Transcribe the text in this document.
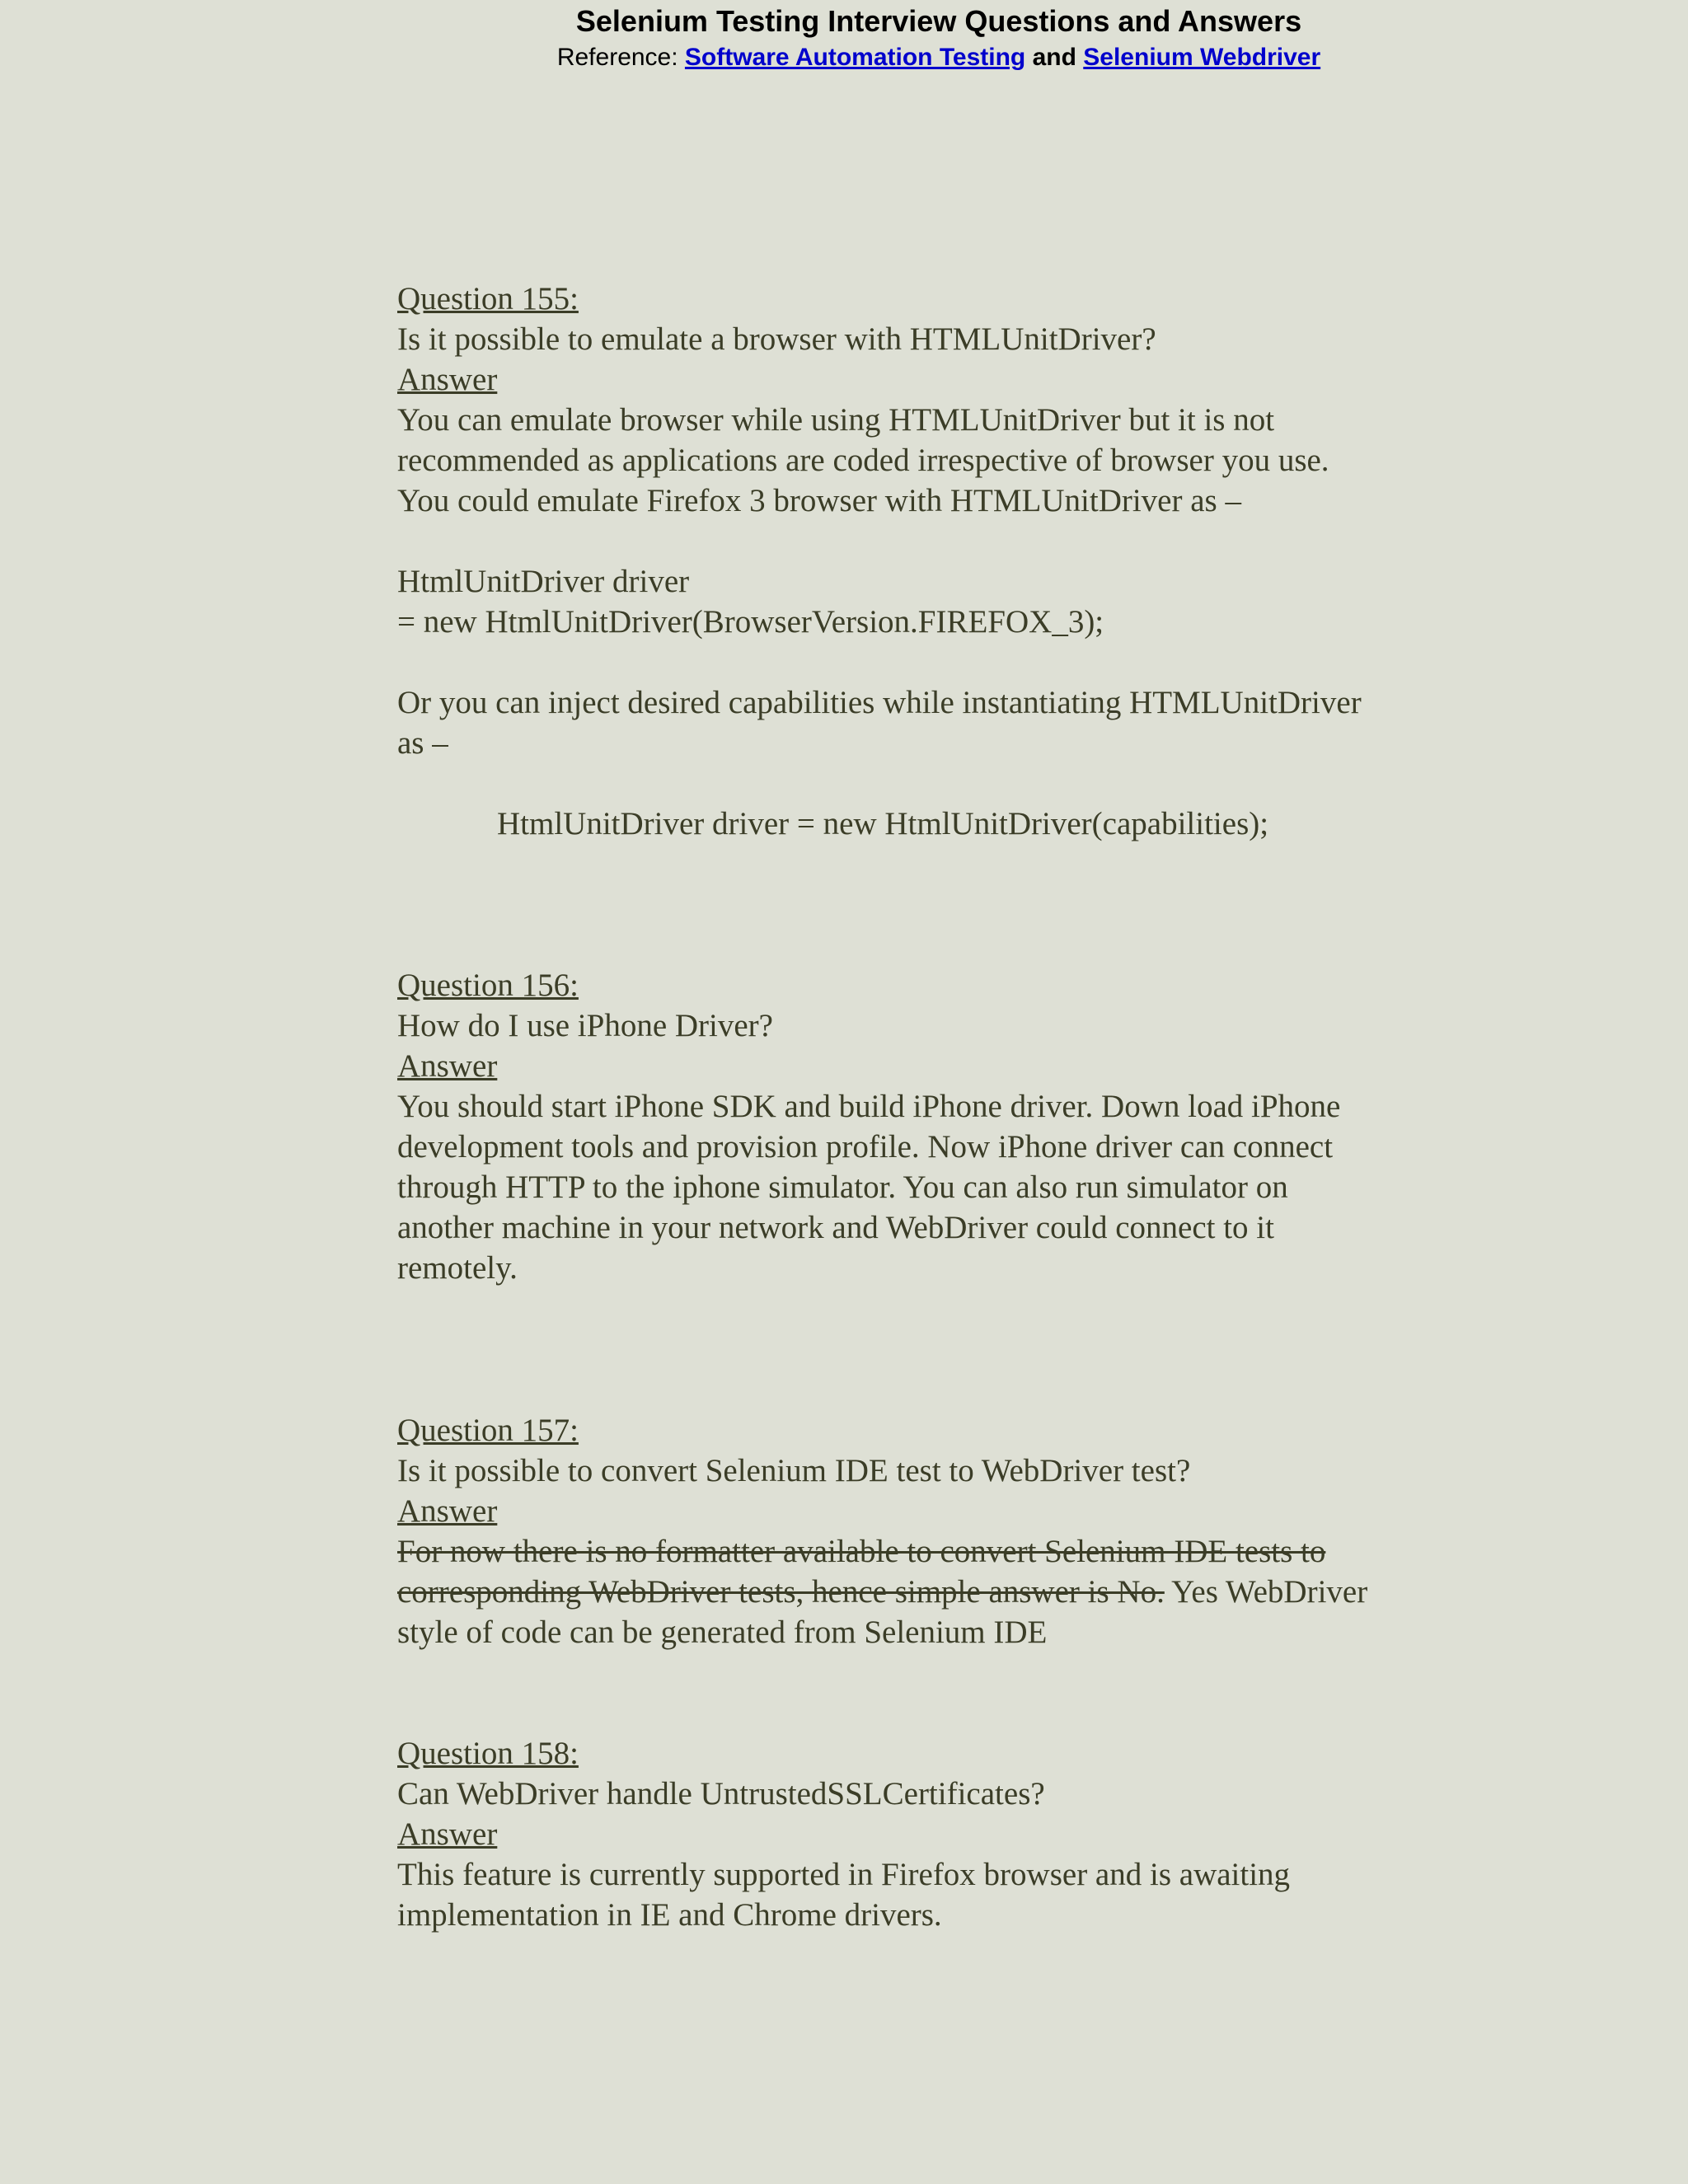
Selenium Testing Interview Questions and Answers
Reference: Software Automation Testing and Selenium Webdriver
Question 155:
Is it possible to emulate a browser with HTMLUnitDriver?
Answer
You can emulate browser while using HTMLUnitDriver but it is not
recommended as applications are coded irrespective of browser you use.
You could emulate Firefox 3 browser with HTMLUnitDriver as –
HtmlUnitDriver driver
= new HtmlUnitDriver(BrowserVersion.FIREFOX_3);
Or you can inject desired capabilities while instantiating HTMLUnitDriver
as –
HtmlUnitDriver driver = new HtmlUnitDriver(capabilities);
Question 156:
How do I use iPhone Driver?
Answer
You should start iPhone SDK and build iPhone driver. Down load iPhone
development tools and provision profile. Now iPhone driver can connect
through HTTP to the iphone simulator. You can also run simulator on
another machine in your network and WebDriver could connect to it
remotely.
Question 157:
Is it possible to convert Selenium IDE test to WebDriver test?
Answer
For now there is no formatter available to convert Selenium IDE tests to
corresponding WebDriver tests, hence simple answer is No. Yes WebDriver
style of code can be generated from Selenium IDE
Question 158:
Can WebDriver handle UntrustedSSLCertificates?
Answer
This feature is currently supported in Firefox browser and is awaiting
implementation in IE and Chrome drivers.
